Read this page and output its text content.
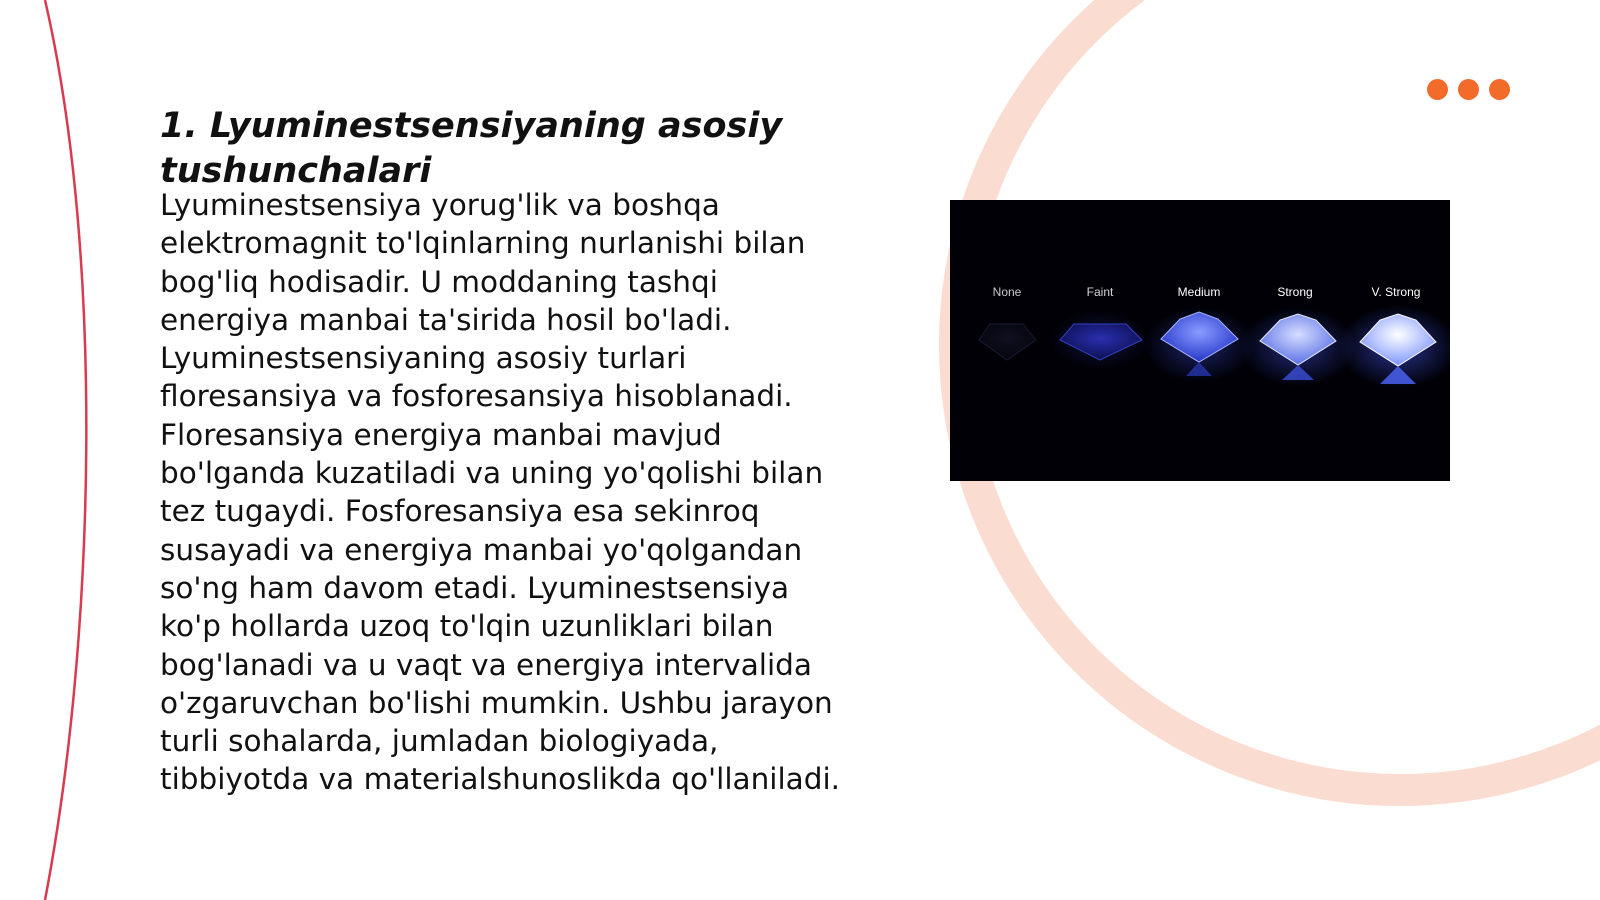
1. Lyuminestsensiyaning asosiy tushunchalari
Lyuminestsensiya yorug'lik va boshqa elektromagnit to'lqinlarning nurlanishi bilan bog'liq hodisadir. U moddaning tashqi energiya manbai ta'sirida hosil bo'ladi. Lyuminestsensiyaning asosiy turlari floresansiya va fosforesansiya hisoblanadi. Floresansiya energiya manbai mavjud bo'lganda kuzatiladi va uning yo'qolishi bilan tez tugaydi. Fosforesansiya esa sekinroq susayadi va energiya manbai yo'qolgandan so'ng ham davom etadi. Lyuminestsensiya ko'p hollarda uzoq to'lqin uzunliklari bilan bog'lanadi va u vaqt va energiya intervalida o'zgaruvchan bo'lishi mumkin. Ushbu jarayon turli sohalarda, jumladan biologiyada, tibbiyotda va materialshunoslikda qo'llaniladi.
None	Faint	Medium	Strong	V. Strong
